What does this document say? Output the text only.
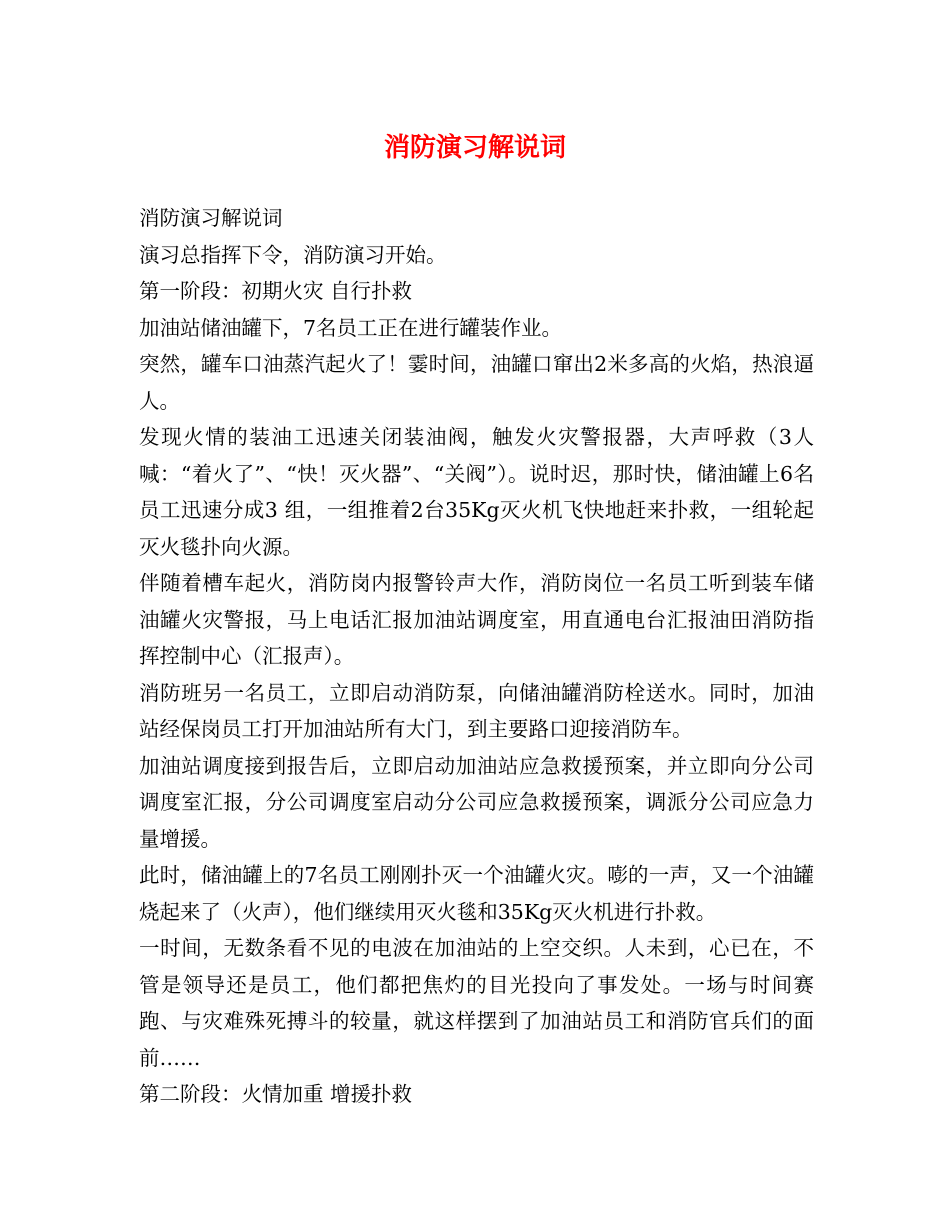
消防演习解说词

消防演习解说词

演习总指挥下令，消防演习开始。

第一阶段：初期火灾 自行扑救

加油站储油罐下，7名员工正在进行罐装作业。

突然，罐车口油蒸汽起火了！霎时间，油罐口窜出2米多高的火焰，热浪逼人。

发现火情的装油工迅速关闭装油阀，触发火灾警报器，大声呼救（3人喊：“着火了”、“快！灭火器”、“关阀”）。说时迟，那时快，储油罐上6名员工迅速分成3 组，一组推着2台35Kg灭火机飞快地赶来扑救，一组轮起灭火毯扑向火源。

伴随着槽车起火，消防岗内报警铃声大作，消防岗位一名员工听到装车储油罐火灾警报，马上电话汇报加油站调度室，用直通电台汇报油田消防指挥控制中心（汇报声）。

消防班另一名员工，立即启动消防泵，向储油罐消防栓送水。同时，加油站经保岗员工打开加油站所有大门，到主要路口迎接消防车。

加油站调度接到报告后，立即启动加油站应急救援预案，并立即向分公司调度室汇报，分公司调度室启动分公司应急救援预案，调派分公司应急力量增援。

此时，储油罐上的7名员工刚刚扑灭一个油罐火灾。嘭的一声，又一个油罐烧起来了（火声），他们继续用灭火毯和35Kg灭火机进行扑救。

一时间，无数条看不见的电波在加油站的上空交织。人未到，心已在，不管是领导还是员工，他们都把焦灼的目光投向了事发处。一场与时间赛跑、与灾难殊死搏斗的较量，就这样摆到了加油站员工和消防官兵们的面前……

第二阶段：火情加重 增援扑救
